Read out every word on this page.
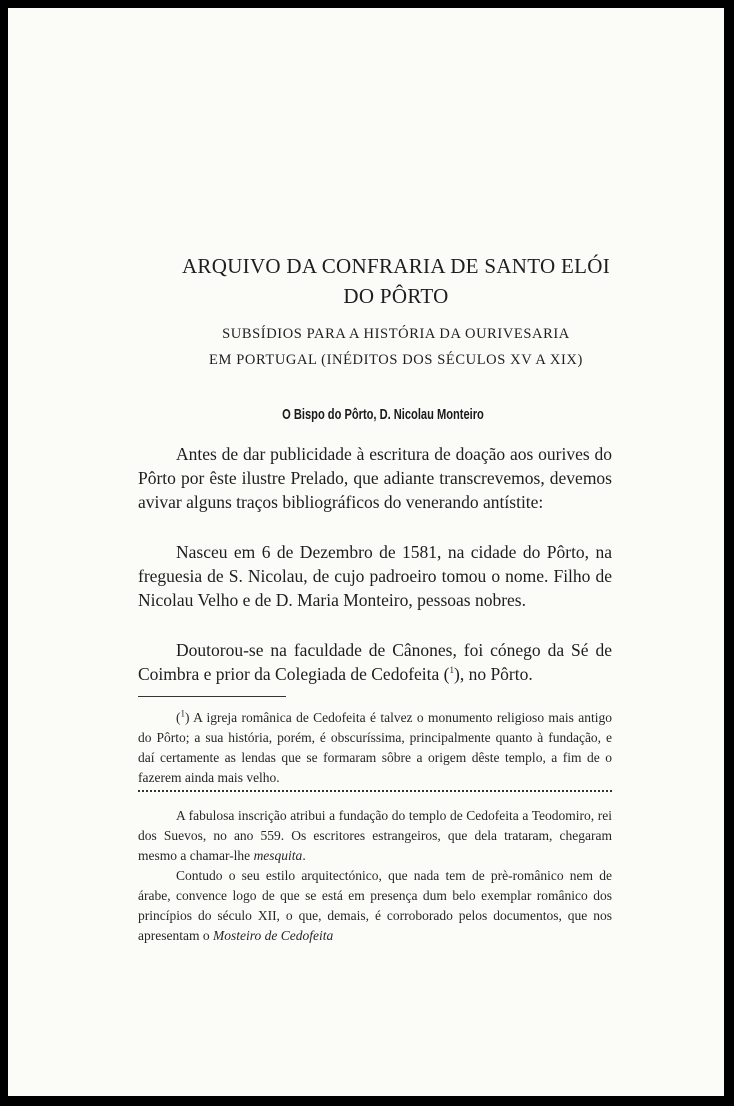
ARQUIVO DA CONFRARIA DE SANTO ELÓI
DO PÔRTO
SUBSÍDIOS PARA A HISTÓRIA DA OURIVESARIA
EM PORTUGAL (INÉDITOS DOS SÉCULOS XV A XIX)
O Bispo do Pôrto, D. Nicolau Monteiro

Antes de dar publicidade à escritura de doação aos ourives do Pôrto por êste ilustre Prelado, que adiante transcrevemos, devemos avivar alguns traços bibliográficos do venerando antístite:

Nasceu em 6 de Dezembro de 1581, na cidade do Pôrto, na freguesia de S. Nicolau, de cujo padroeiro tomou o nome. Filho de Nicolau Velho e de D. Maria Monteiro, pessoas nobres.

Doutorou-se na faculdade de Cânones, foi cónego da Sé de Coimbra e prior da Colegiada de Cedofeita ($^1$), no Pôrto.

($^1$) A igreja românica de Cedofeita é talvez o monumento religioso mais antigo do Pôrto; a sua história, porém, é obscuríssima, principalmente quanto à fundação, e daí certamente as lendas que se formaram sôbre a origem dêste templo, a fim de o fazerem ainda mais velho.

A fabulosa inscrição atribui a fundação do templo de Cedofeita a Teodomiro, rei dos Suevos, no ano 559. Os escritores estrangeiros, que dela trataram, chegaram mesmo a chamar-lhe mesquita.

Contudo o seu estilo arquitectónico, que nada tem de prè-românico nem de árabe, convence logo de que se está em presença dum belo exemplar românico dos princípios do século XII, o que, demais, é corroborado pelos documentos, que nos apresentam o Mosteiro de Cedofeita
